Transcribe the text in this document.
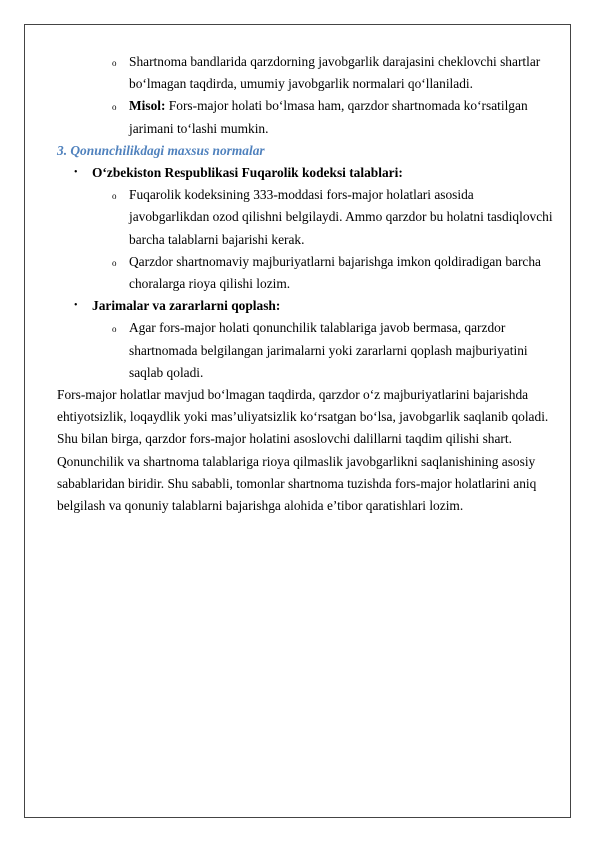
o Shartnoma bandlarida qarzdorning javobgarlik darajasini cheklovchi shartlar bo‘lmagan taqdirda, umumiy javobgarlik normalari qo‘llaniladi.
o Misol: Fors-major holati bo‘lmasa ham, qarzdor shartnomada ko‘rsatilgan jarimani to‘lashi mumkin.
3. Qonunchilikdagi maxsus normalar
• O‘zbekiston Respublikasi Fuqarolik kodeksi talablari:
o Fuqarolik kodeksining 333-moddasi fors-major holatlari asosida javobgarlikdan ozod qilishni belgilaydi. Ammo qarzdor bu holatni tasdiqlovchi barcha talablarni bajarishi kerak.
o Qarzdor shartnomaviy majburiyatlarni bajarishga imkon qoldiradigan barcha choralarga rioya qilishi lozim.
• Jarimalar va zararlarni qoplash:
o Agar fors-major holati qonunchilik talablariga javob bermasa, qarzdor shartnomada belgilangan jarimalarni yoki zararlarni qoplash majburiyatini saqlab qoladi.
Fors-major holatlar mavjud bo‘lmagan taqdirda, qarzdor o‘z majburiyatlarini bajarishda ehtiyotsizlik, loqaydlik yoki mas’uliyatsizlik ko‘rsatgan bo‘lsa, javobgarlik saqlanib qoladi. Shu bilan birga, qarzdor fors-major holatini asoslovchi dalillarni taqdim qilishi shart. Qonunchilik va shartnoma talablariga rioya qilmaslik javobgarlikni saqlanishining asosiy sabablaridan biridir. Shu sababli, tomonlar shartnoma tuzishda fors-major holatlarini aniq belgilash va qonuniy talablarni bajarishga alohida e’tibor qaratishlari lozim.
